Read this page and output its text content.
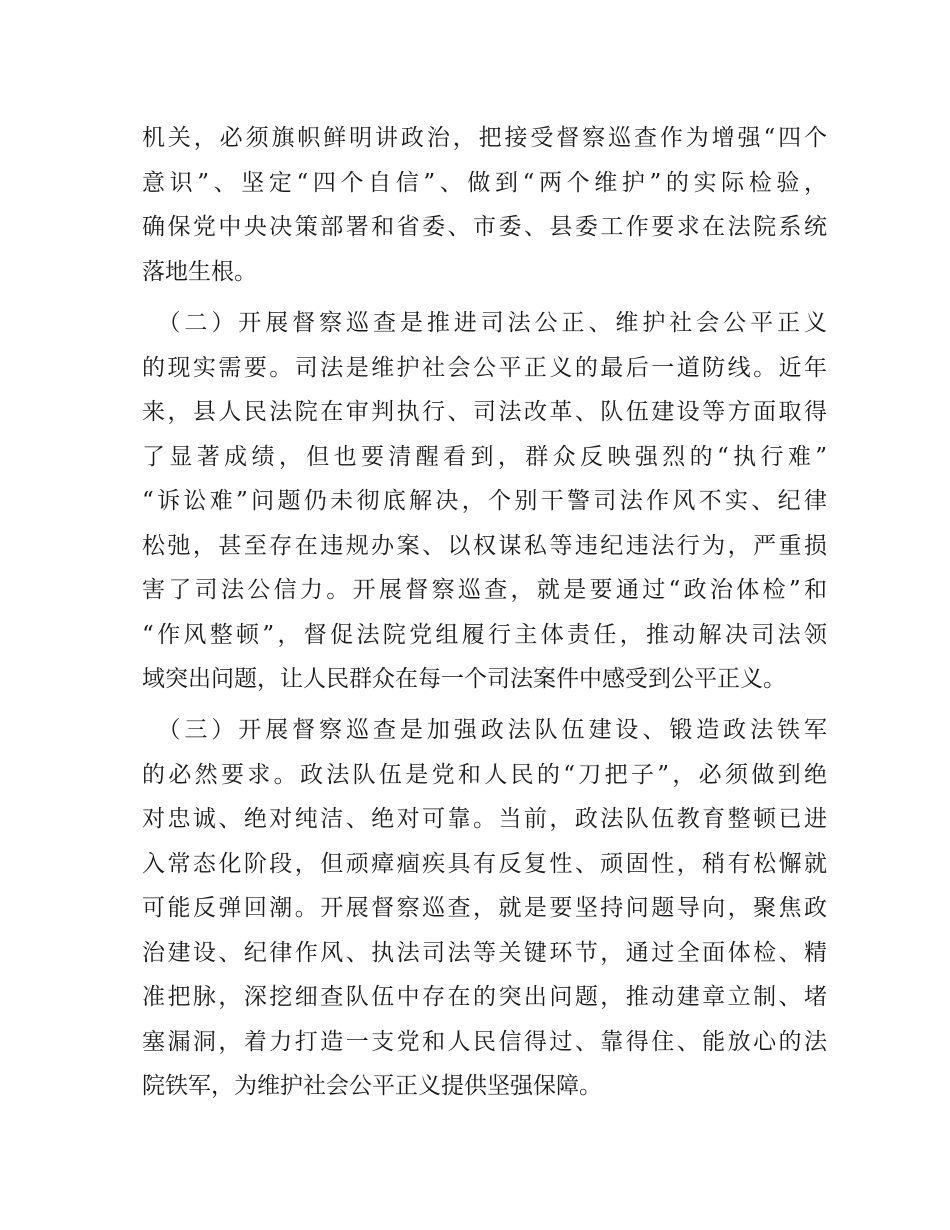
机关，必须旗帜鲜明讲政治，把接受督察巡查作为增强“四个
意识”、坚定“四个自信”、做到“两个维护”的实际检验，
确保党中央决策部署和省委、市委、县委工作要求在法院系统
落地生根。
　（二）开展督察巡查是推进司法公正、维护社会公平正义
的现实需要。司法是维护社会公平正义的最后一道防线。近年
来，县人民法院在审判执行、司法改革、队伍建设等方面取得
了显著成绩，但也要清醒看到，群众反映强烈的“执行难”
“诉讼难”问题仍未彻底解决，个别干警司法作风不实、纪律
松弛，甚至存在违规办案、以权谋私等违纪违法行为，严重损
害了司法公信力。开展督察巡查，就是要通过“政治体检”和
“作风整顿”，督促法院党组履行主体责任，推动解决司法领
域突出问题，让人民群众在每一个司法案件中感受到公平正义。
　（三）开展督察巡查是加强政法队伍建设、锻造政法铁军
的必然要求。政法队伍是党和人民的“刀把子”，必须做到绝
对忠诚、绝对纯洁、绝对可靠。当前，政法队伍教育整顿已进
入常态化阶段，但顽瘴痼疾具有反复性、顽固性，稍有松懈就
可能反弹回潮。开展督察巡查，就是要坚持问题导向，聚焦政
治建设、纪律作风、执法司法等关键环节，通过全面体检、精
准把脉，深挖细查队伍中存在的突出问题，推动建章立制、堵
塞漏洞，着力打造一支党和人民信得过、靠得住、能放心的法
院铁军，为维护社会公平正义提供坚强保障。
